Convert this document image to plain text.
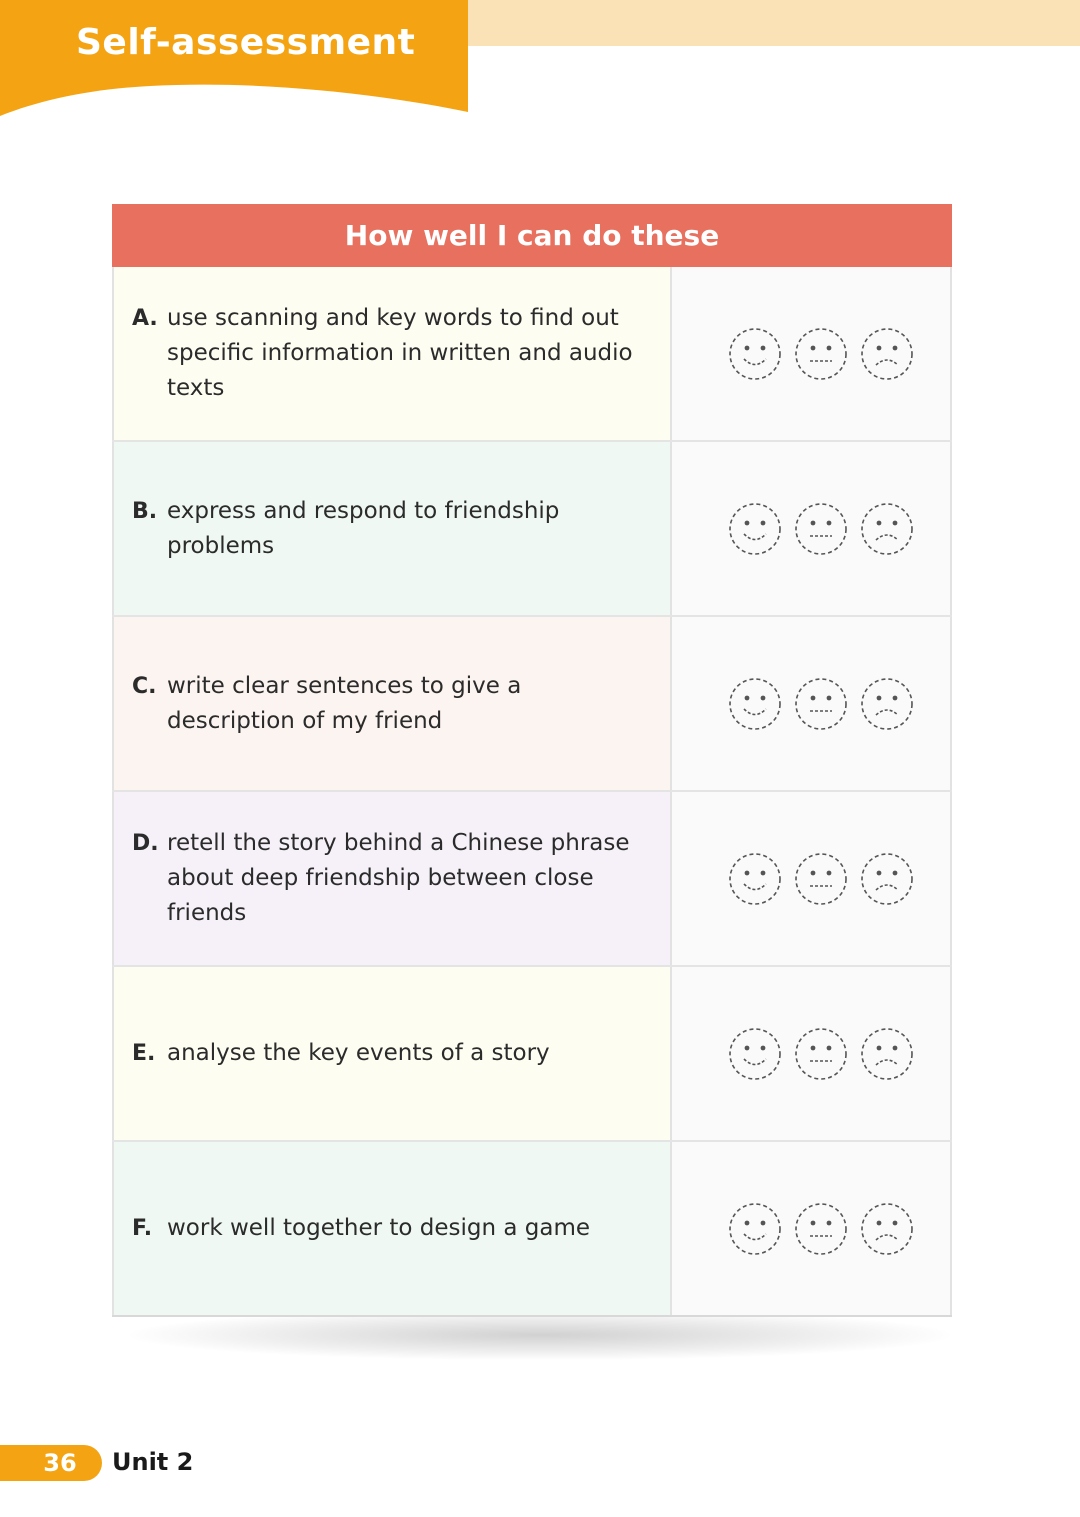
Self-assessment
How well I can do these
A. use scanning and key words to find out specific information in written and audio texts
B. express and respond to friendship problems
C. write clear sentences to give a description of my friend
D. retell the story behind a Chinese phrase about deep friendship between close friends
E. analyse the key events of a story
F. work well together to design a game
36 Unit 2
